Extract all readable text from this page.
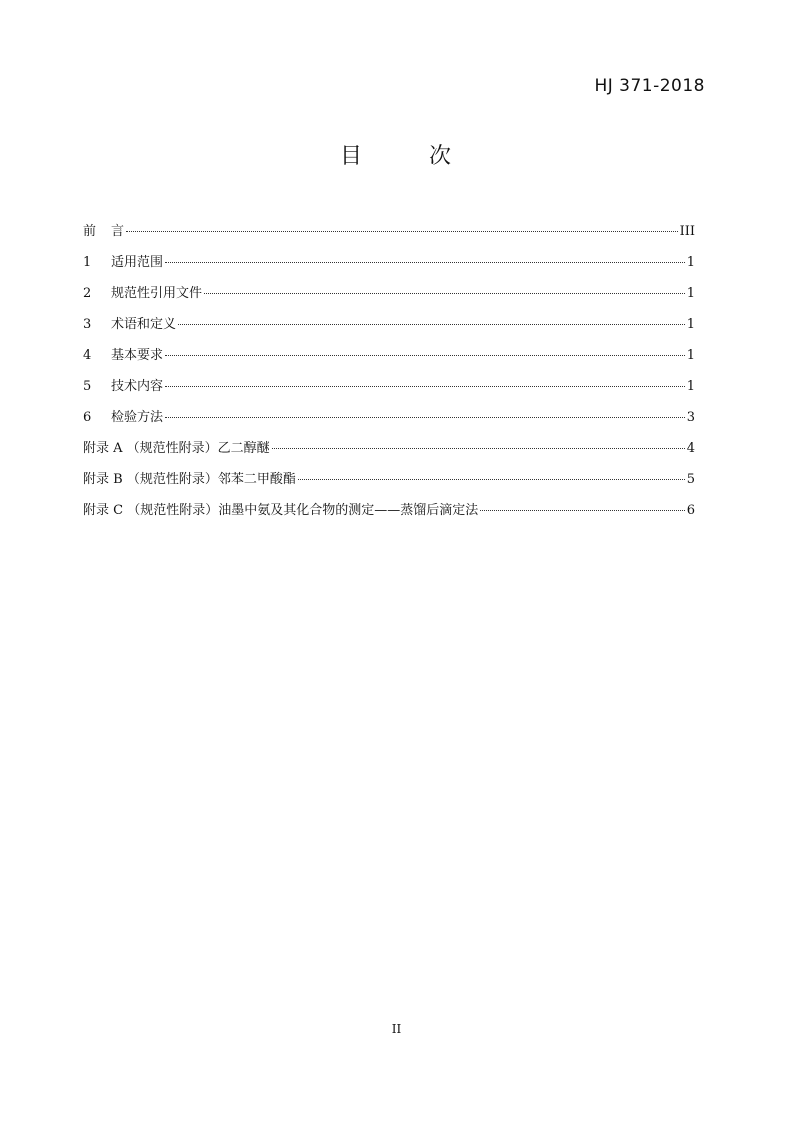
HJ 371-2018
目 次
前	言	III
1	适用范围	1
2	规范性引用文件	1
3	术语和定义	1
4	基本要求	1
5	技术内容	1
6	检验方法	3
附录 A （规范性附录） 乙二醇醚	4
附录 B （规范性附录） 邻苯二甲酸酯	5
附录 C （规范性附录） 油墨中氨及其化合物的测定——蒸馏后滴定法	6
II
